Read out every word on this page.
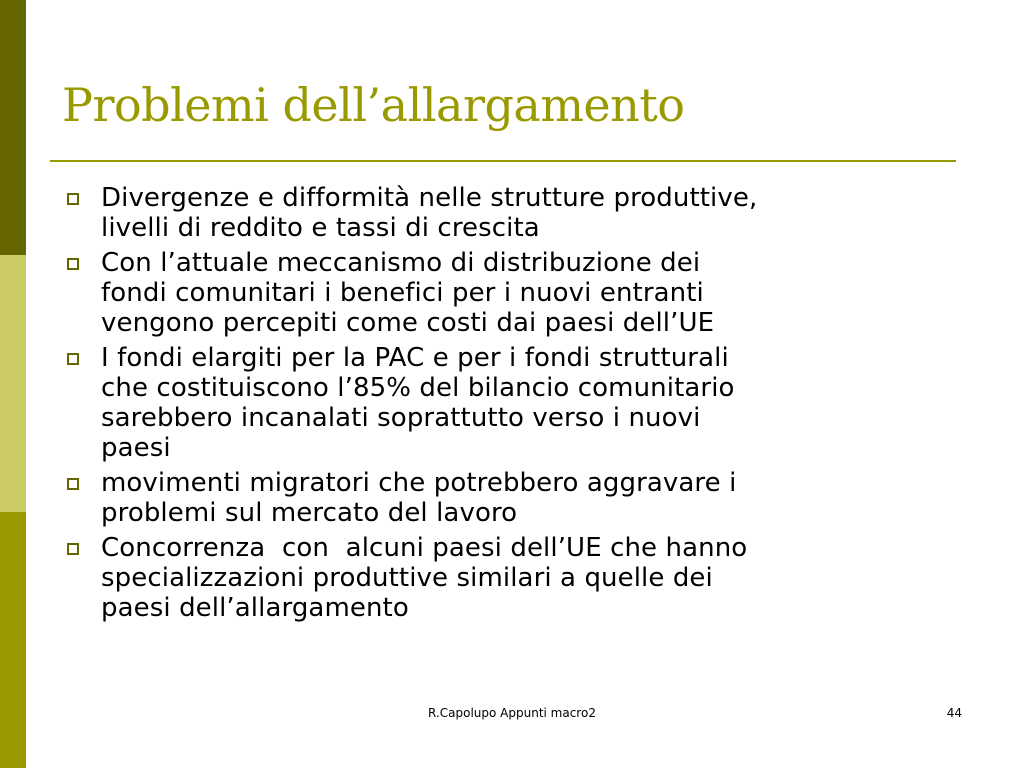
Problemi dell’allargamento
Divergenze e difformità nelle strutture produttive,
livelli di reddito e tassi di crescita
Con l’attuale meccanismo di distribuzione dei
fondi comunitari i benefici per i nuovi entranti
vengono percepiti come costi dai paesi dell’UE
I fondi elargiti per la PAC e per i fondi strutturali
che costituiscono l’85% del bilancio comunitario
sarebbero incanalati soprattutto verso i nuovi
paesi
movimenti migratori che potrebbero aggravare i
problemi sul mercato del lavoro
Concorrenza  con  alcuni paesi dell’UE che hanno
specializzazioni produttive similari a quelle dei
paesi dell’allargamento
R.Capolupo Appunti macro2	44
